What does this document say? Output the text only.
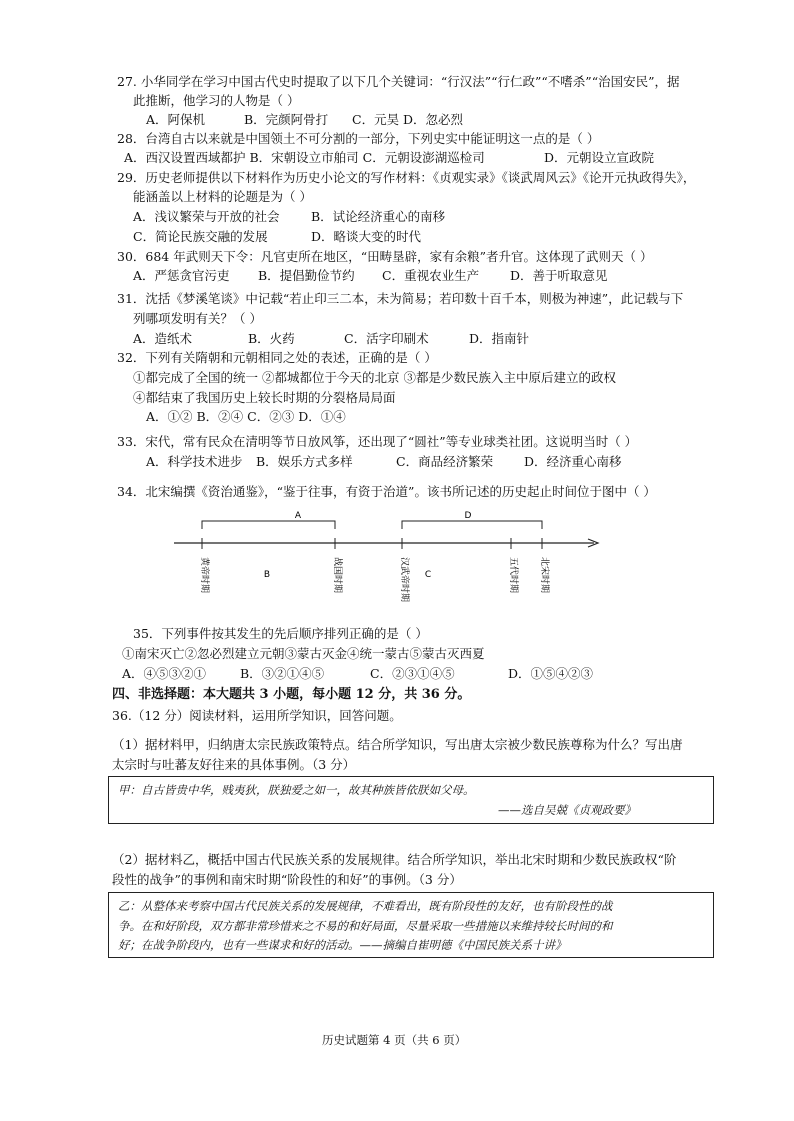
27. 小华同学在学习中国古代史时提取了以下几个关键词：“行汉法”“行仁政”“不嗜杀”“治国安民”，据
此推断，他学习的人物是（ ）
A．阿保机	B．完颜阿骨打 C．元昊 D．忽必烈
28．台湾自古以来就是中国领土不可分割的一部分，下列史实中能证明这一点的是（ ）
A．西汉设置西域都护 B．宋朝设立市舶司 C．元朝设澎湖巡检司	D．元朝设立宣政院
29．历史老师提供以下材料作为历史小论文的写作材料：《贞观实录》《谈武周风云》《论开元执政得失》，
能涵盖以上材料的论题是为（ ）
A．浅议繁荣与开放的社会	B．试论经济重心的南移
C．简论民族交融的发展	D．略谈大变的时代
30．684 年武则天下令：凡官吏所在地区，“田畴垦辟，家有余粮”者升官。这体现了武则天（ ）
A．严惩贪官污吏 B．提倡勤俭节约 C．重视农业生产 D．善于听取意见
31．沈括《梦溪笔谈》中记载“若止印三二本，未为简易；若印数十百千本，则极为神速”，此记载与下
列哪项发明有关？（ ）
A．造纸术	B．火药	C．活字印刷术	D．指南针
32．下列有关隋朝和元朝相同之处的表述，正确的是（ ）
①都完成了全国的统一 ②都城都位于今天的北京 ③都是少数民族入主中原后建立的政权
④都结束了我国历史上较长时期的分裂格局局面
A．①② B．②④ C．②③ D．①④
33．宋代，常有民众在清明等节日放风筝，还出现了“圆社”等专业球类社团。这说明当时（ ）
A．科学技术进步 B．娱乐方式多样	C．商品经济繁荣 D．经济重心南移
34．北宋编撰《资治通鉴》，“鉴于往事，有资于治道”。该书所记述的历史起止时间位于图中（ ）
A	D
B	C
黄帝时期	战国时期	汉武帝时期	五代时期 北宋时期
35．下列事件按其发生的先后顺序排列正确的是（ ）
①南宋灭亡②忽必烈建立元朝③蒙古灭金④统一蒙古⑤蒙古灭西夏
A．④⑤③②①	B．③②①④⑤	C．②③①④⑤	D．①⑤④②③
四、非选择题：本大题共 3 小题，每小题 12 分，共 36 分。
36.（12 分）阅读材料，运用所学知识，回答问题。
（1）据材料甲，归纳唐太宗民族政策特点。结合所学知识，写出唐太宗被少数民族尊称为什么？写出唐
太宗时与吐蕃友好往来的具体事例。（3 分）
甲：自古皆贵中华，贱夷狄，朕独爱之如一，故其种族皆依朕如父母。
——选自吴兢《贞观政要》
（2）据材料乙，概括中国古代民族关系的发展规律。结合所学知识，举出北宋时期和少数民族政权“阶
段性的战争”的事例和南宋时期“阶段性的和好”的事例。（3 分）
乙：从整体来考察中国古代民族关系的发展规律，不难看出，既有阶段性的友好，也有阶段性的战
争。在和好阶段，双方都非常珍惜来之不易的和好局面，尽量采取一些措施以来维持较长时间的和
好；在战争阶段内，也有一些谋求和好的活动。——摘编自崔明德《中国民族关系十讲》
历史试题第 4 页（共 6 页）
